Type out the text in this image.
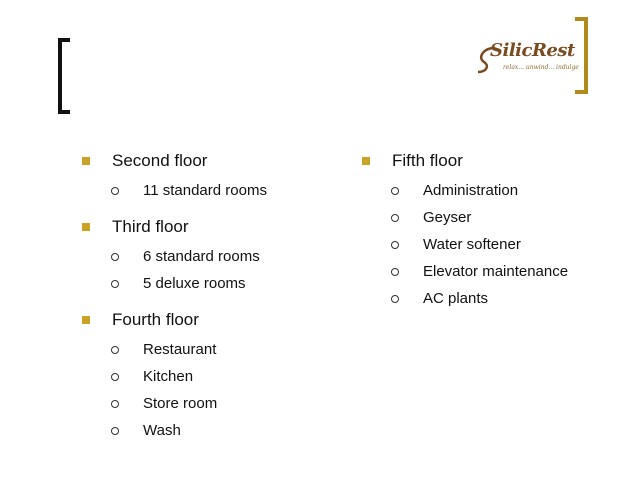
SilicRest
relax... unwind... indulge
Second floor
11 standard rooms
Third floor
6 standard rooms
5 deluxe rooms
Fourth floor
Restaurant
Kitchen
Store room
Wash
Fifth floor
Administration
Geyser
Water softener
Elevator maintenance
AC plants
